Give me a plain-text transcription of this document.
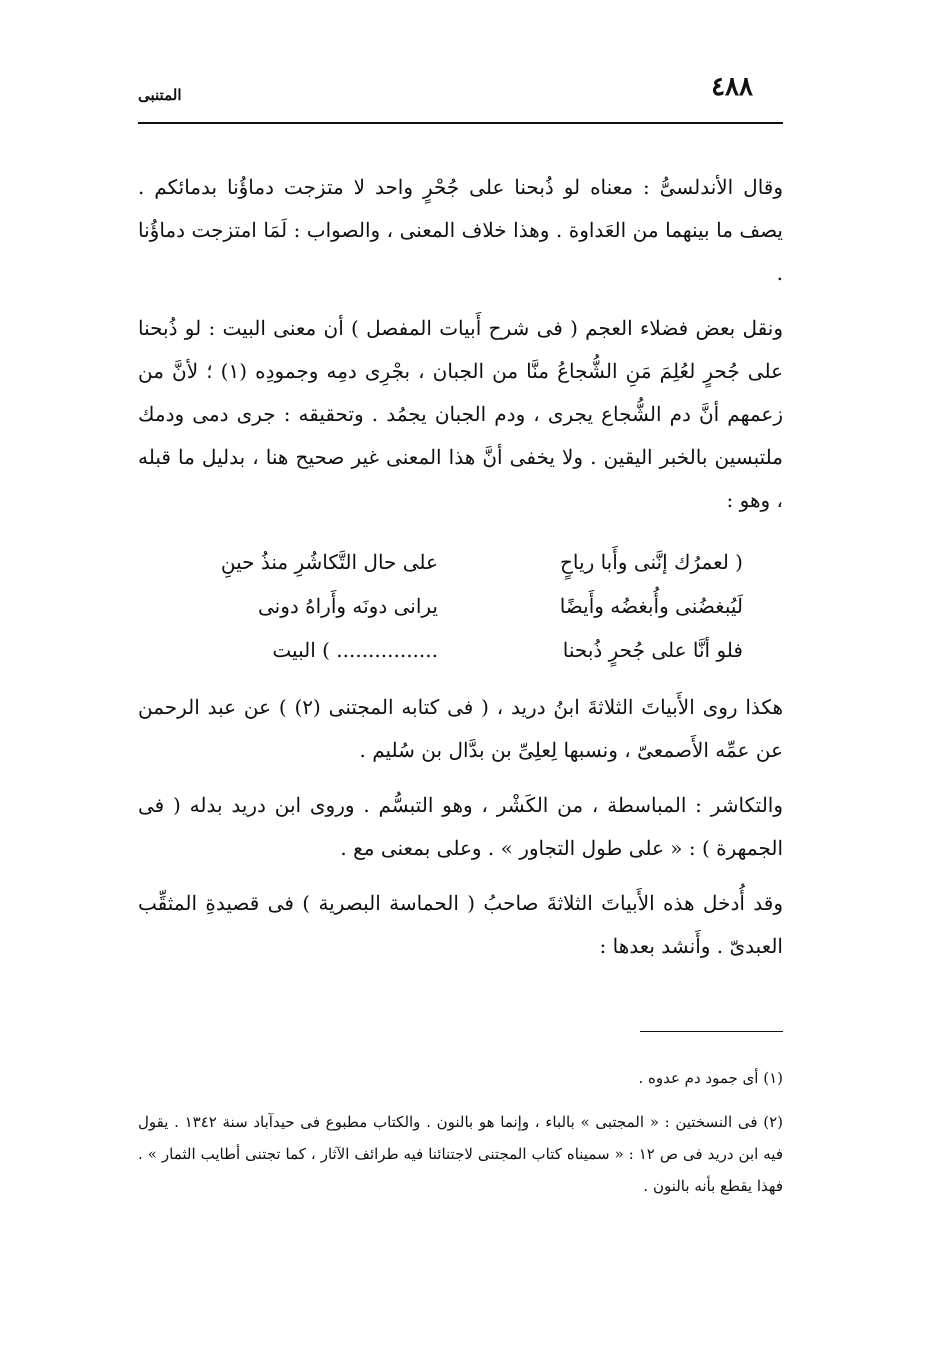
٤٨٨
المتنبى

وقال الأندلسىُّ : معناه لو ذُبحنا على جُحْرٍ واحد لا متزجت دماؤُنا بدمائكم . يصف ما بينهما من العَداوة . وهذا خلاف المعنى ، والصواب : لَمَا امتزجت دماؤُنا .

ونقل بعض فضلاء العجم ( فى شرح أَبيات المفصل ) أن معنى البيت : لو ذُبحنا على جُحرٍ لعُلِمَ مَنِ الشُّجاعُ منَّا من الجبان ، بجْرِى دمِه وجمودِه (١) ؛ لأنَّ من زعمهم أنَّ دم الشُّجاع يجرى ، ودم الجبان يجمُد . وتحقيقه : جرى دمى ودمك ملتبسين بالخبر اليقين . ولا يخفى أنَّ هذا المعنى غير صحيح هنا ، بدليل ما قبله ، وهو :

( لعمرُك إنَّنى وأَبا رياحٍ
على حال التَّكاشُرِ منذُ حينِ
لَيُبغضُنى وأُبغضُه وأَيضًا
يرانى دونَه وأَراهُ دونى
فلو أنَّا على جُحرٍ ذُبحنا
................ ) البيت

هكذا روى الأَبياتَ الثلاثةَ ابنُ دريد ، ( فى كتابه المجتنى (٢) ) عن عبد الرحمن عن عمِّه الأَصمعىّ ، ونسبها لِعلِىِّ بن بدَّال بن سُليم .

والتكاشر : المباسطة ، من الكَشْر ، وهو التبسُّم . وروى ابن دريد بدله ( فى الجمهرة ) : « على طول التجاور » . وعلى بمعنى مع .

وقد أُدخل هذه الأَبياتَ الثلاثةَ صاحبُ ( الحماسة البصرية ) فى قصيدةِ المثقِّب العبدىّ . وأَنشد بعدها :

(١) أى جمود دم عدوه .

(٢) فى النسختين : « المجتبى » بالباء ، وإنما هو بالنون . والكتاب مطبوع فى حيدآباد سنة ١٣٤٢ . يقول فيه ابن دريد فى ص ١٢ : « سميناه كتاب المجتنى لاجتنائنا فيه طرائف الآثار ، كما تجتنى أطايب الثمار » . فهذا يقطع بأنه بالنون .
